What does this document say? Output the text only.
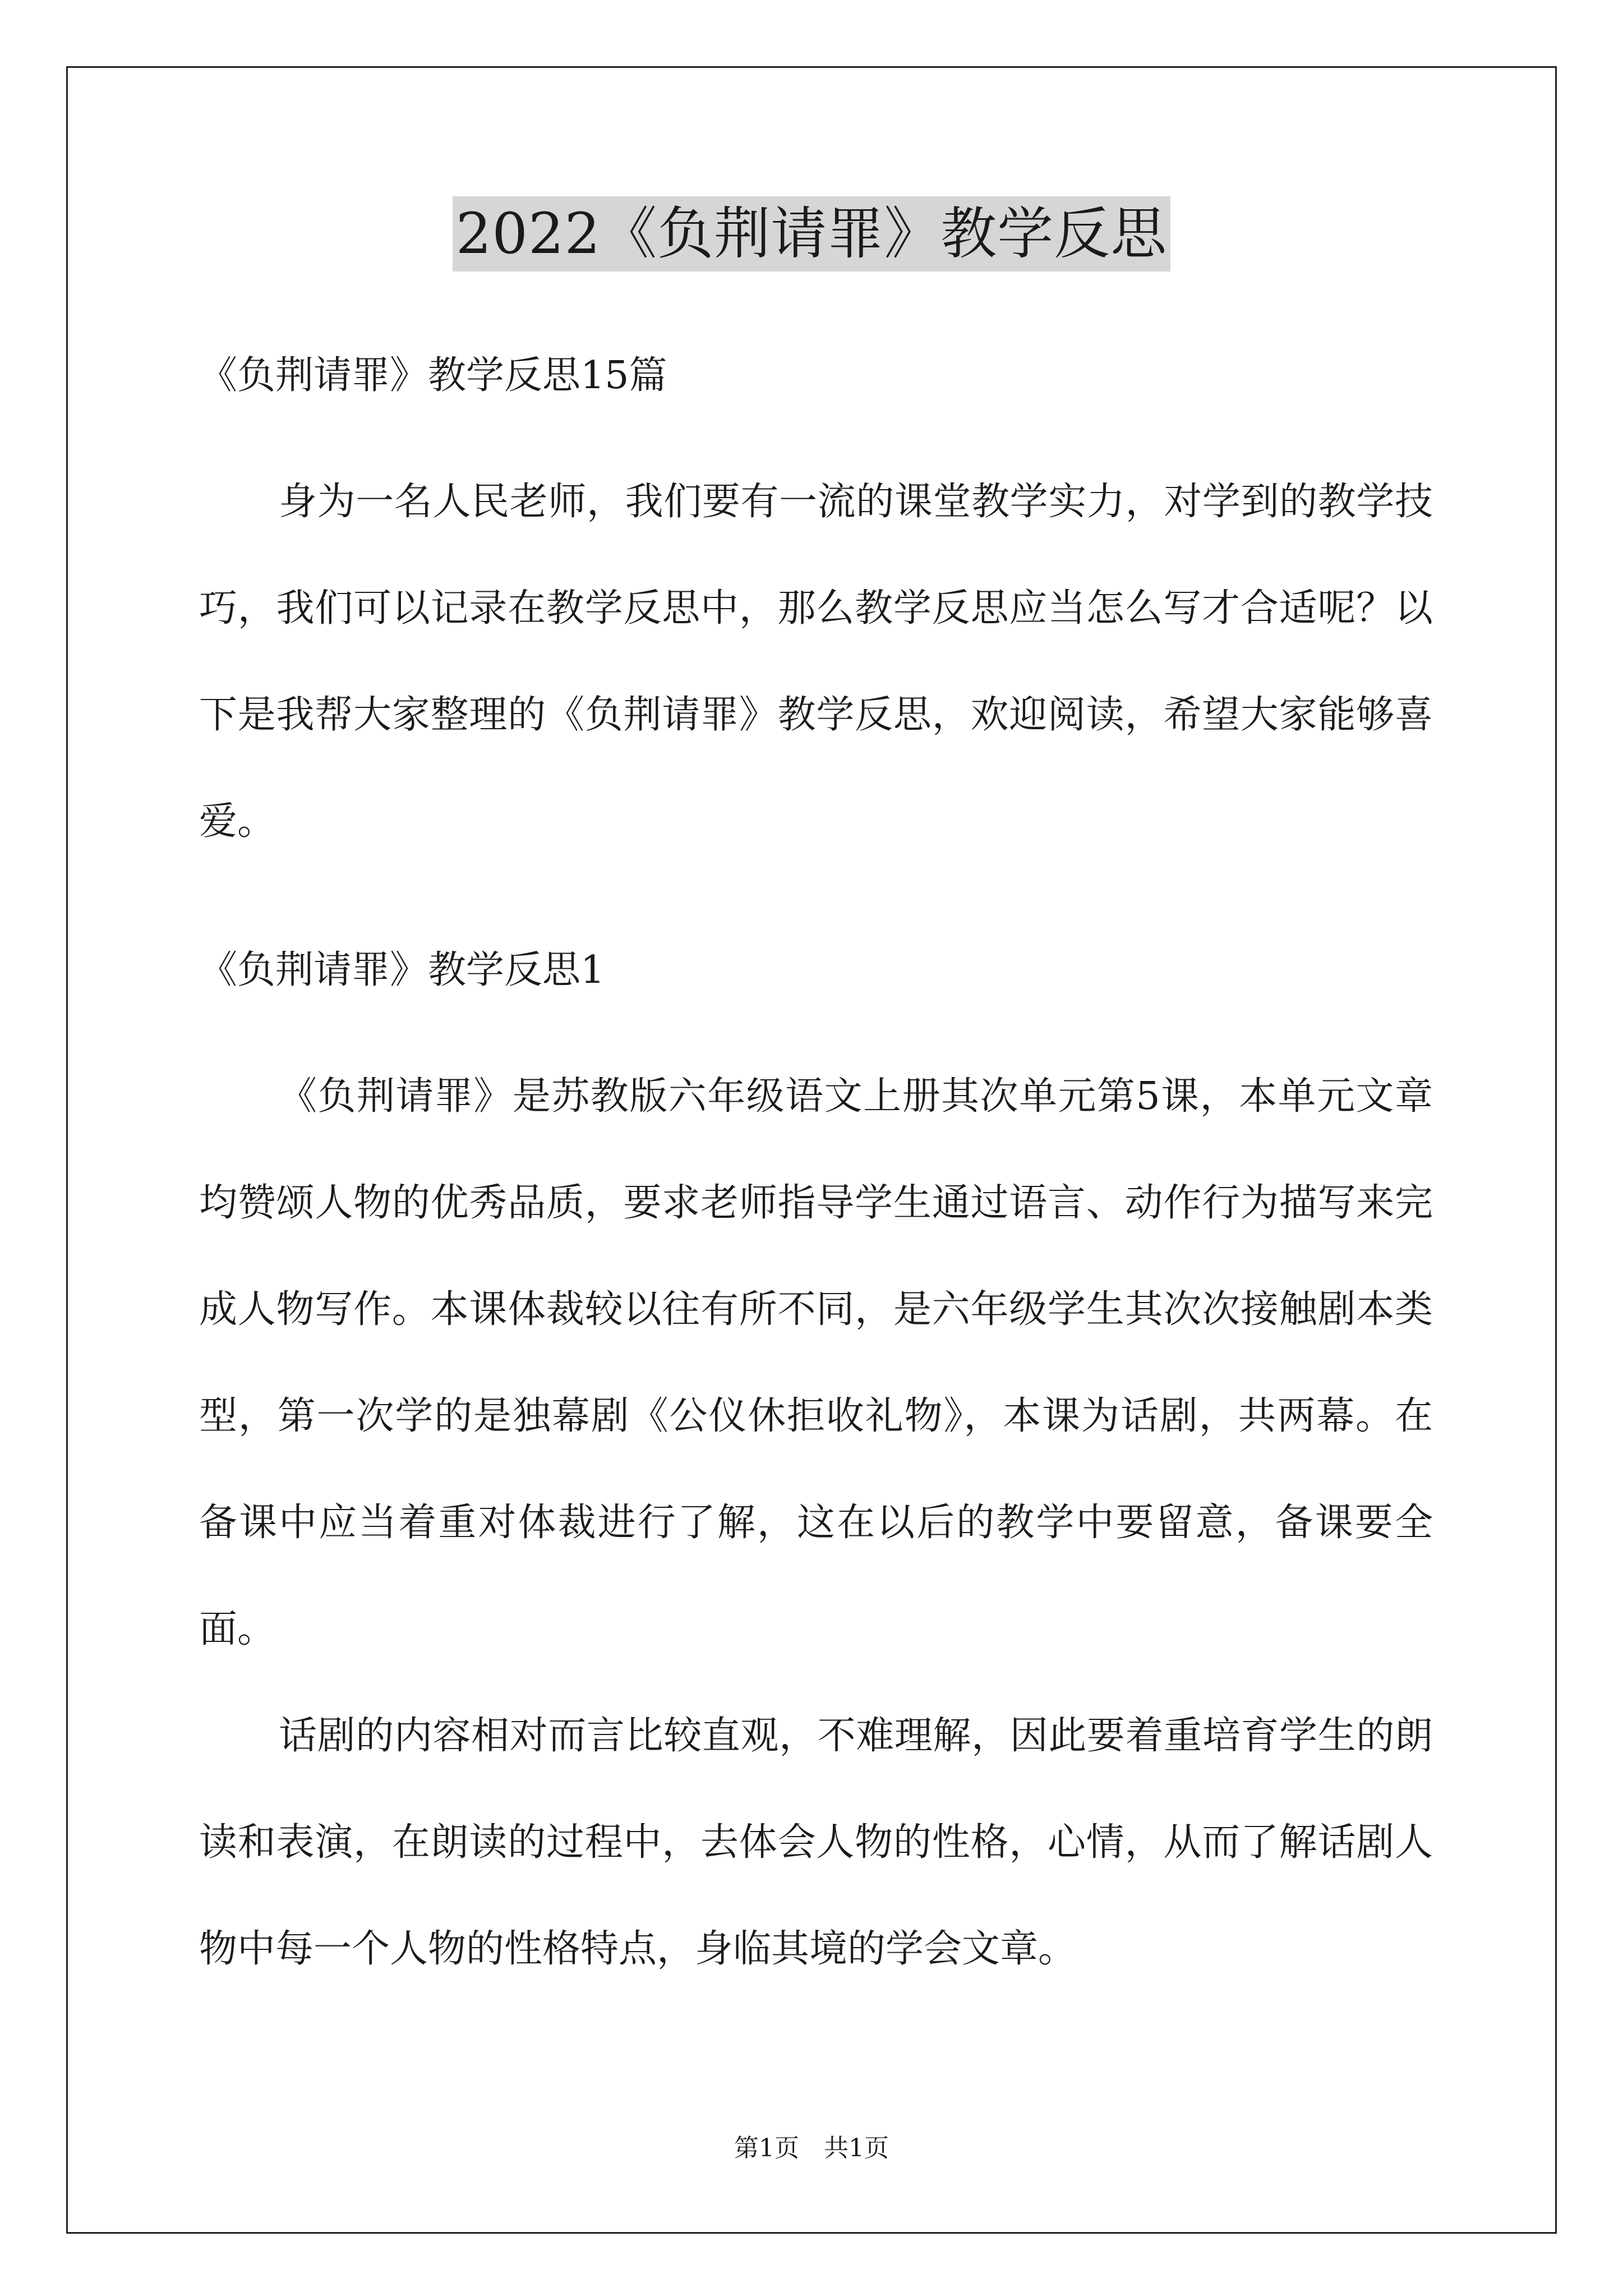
2022《负荆请罪》教学反思

《负荆请罪》教学反思15篇

身为一名人民老师，我们要有一流的课堂教学实力，对学到的教学技巧，我们可以记录在教学反思中，那么教学反思应当怎么写才合适呢？以下是我帮大家整理的《负荆请罪》教学反思，欢迎阅读，希望大家能够喜爱。

《负荆请罪》教学反思1

《负荆请罪》是苏教版六年级语文上册其次单元第5课，本单元文章均赞颂人物的优秀品质，要求老师指导学生通过语言、动作行为描写来完成人物写作。本课体裁较以往有所不同，是六年级学生其次次接触剧本类型，第一次学的是独幕剧《公仪休拒收礼物》，本课为话剧，共两幕。在备课中应当着重对体裁进行了解，这在以后的教学中要留意，备课要全面。

话剧的内容相对而言比较直观，不难理解，因此要着重培育学生的朗读和表演，在朗读的过程中，去体会人物的性格，心情，从而了解话剧人物中每一个人物的性格特点，身临其境的学会文章。

第1页　共1页
